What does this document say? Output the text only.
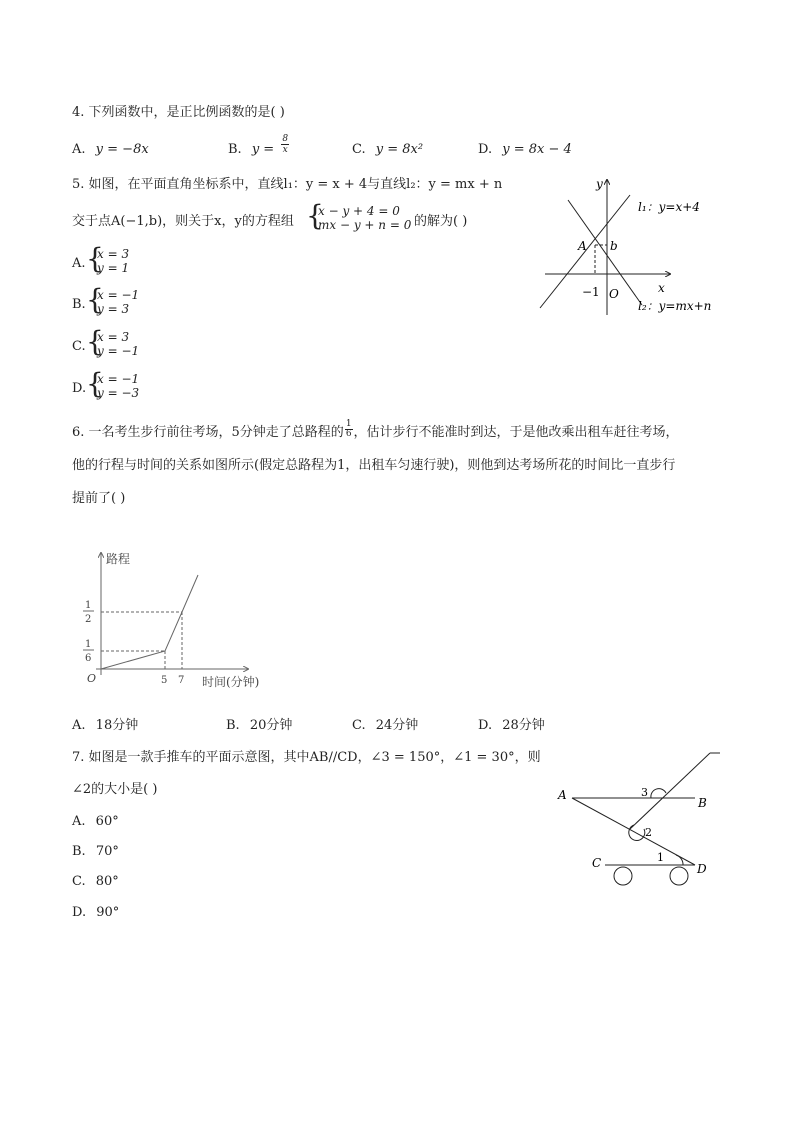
4. 下列函数中，是正比例函数的是( )
A. y = −8x	B. $y = \frac{8}{x}$	C. y = 8x²	D. y = 8x − 4
5. 如图，在平面直角坐标系中，直线l₁：y = x + 4与直线l₂：y = mx + n
交于点A(−1,b)，则关于x，y的方程组 {
x − y + 4 = 0
mx − y + n = 0 的解为( )
A. {
x = 3
y = 1
B. {
x = −1
y = 3
C. {
x = 3
y = −1
D. {
x = −1
y = −3
y
x
O
l₁：y=x+4
l₂：y=mx+n
A b
−1
6. 一名考生步行前往考场，5分钟走了总路程的 $\frac{1}{6}$ ，估计步行不能准时到达，于是他改乘出租车赶往考场，
他的行程与时间的关系如图所示(假定总路程为1，出租车匀速行驶)，则他到达考场所花的时间比一直步行
提前了( )
路程
时间(分钟)
O
1
2
1
6
5 7
A. 18分钟	B. 20分钟	C. 24分钟	D. 28分钟
7. 如图是一款手推车的平面示意图，其中AB//CD，∠3 = 150°，∠1 = 30°，则
∠2的大小是( )
A. 60°
B. 70°
C. 80°
D. 90°
A
B
C	D
3
2
1
